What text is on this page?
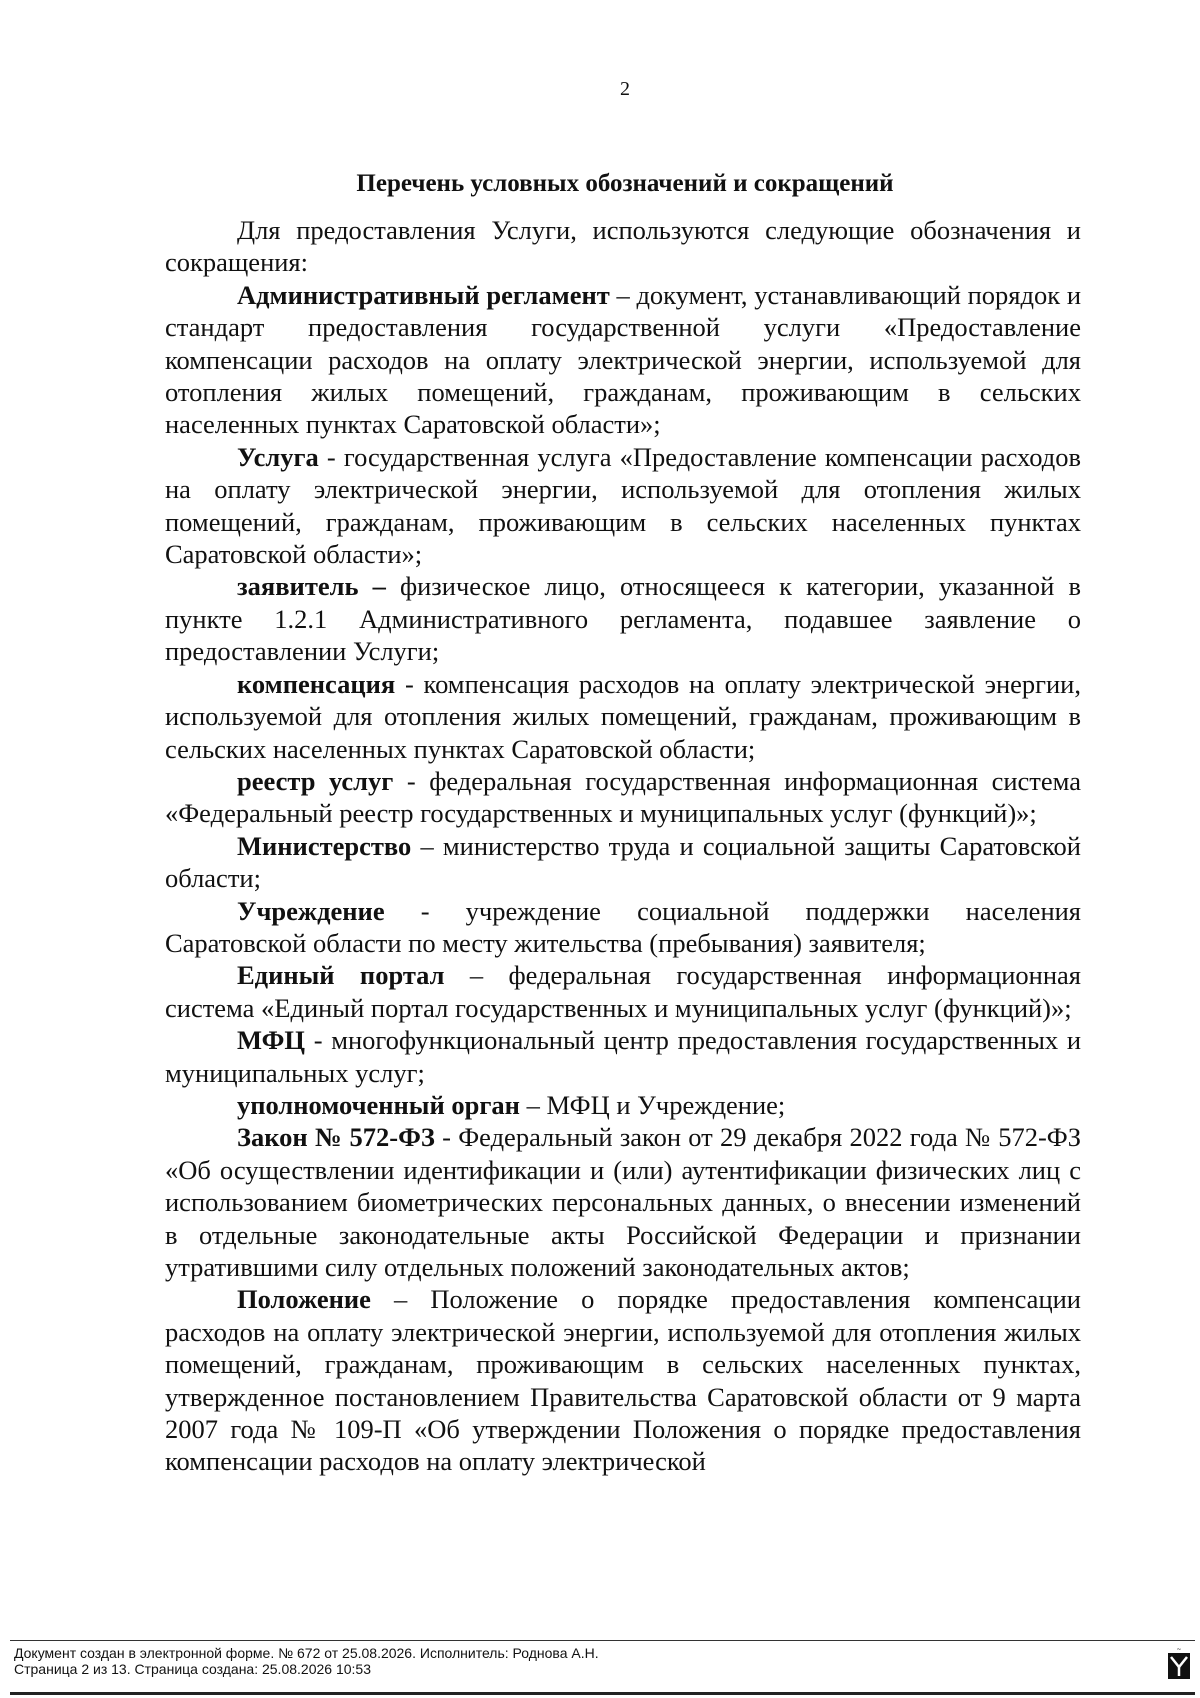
2
Перечень условных обозначений и сокращений

Для предоставления Услуги, используются следующие обозначения и сокращения:

Административный регламент – документ, устанавливающий порядок и стандарт предоставления государственной услуги «Предоставление компенсации расходов на оплату электрической энергии, используемой для отопления жилых помещений, гражданам, проживающим в сельских населенных пунктах Саратовской области»;

Услуга - государственная услуга «Предоставление компенсации расходов на оплату электрической энергии, используемой для отопления жилых помещений, гражданам, проживающим в сельских населенных пунктах Саратовской области»;

заявитель – физическое лицо, относящееся к категории, указанной в пункте 1.2.1 Административного регламента, подавшее заявление о предоставлении Услуги;

компенсация - компенсация расходов на оплату электрической энергии, используемой для отопления жилых помещений, гражданам, проживающим в сельских населенных пунктах Саратовской области;

реестр услуг - федеральная государственная информационная система «Федеральный реестр государственных и муниципальных услуг (функций)»;

Министерство – министерство труда и социальной защиты Саратовской области;

Учреждение - учреждение социальной поддержки населения Саратовской области по месту жительства (пребывания) заявителя;

Единый портал – федеральная государственная информационная система «Единый портал государственных и муниципальных услуг (функций)»;

МФЦ - многофункциональный центр предоставления государственных и муниципальных услуг;

уполномоченный орган – МФЦ и Учреждение;

Закон № 572-ФЗ - Федеральный закон от 29 декабря 2022 года № 572-ФЗ «Об осуществлении идентификации и (или) аутентификации физических лиц с использованием биометрических персональных данных, о внесении изменений в отдельные законодательные акты Российской Федерации и признании утратившими силу отдельных положений законодательных актов;

Положение – Положение о порядке предоставления компенсации расходов на оплату электрической энергии, используемой для отопления жилых помещений, гражданам, проживающим в сельских населенных пунктах, утвержденное постановлением Правительства Саратовской области от 9 марта 2007 года № 109-П «Об утверждении Положения о порядке предоставления компенсации расходов на оплату электрической

Документ создан в электронной форме. № 672 от 25.08.2026. Исполнитель: Роднова А.Н.
Страница 2 из 13. Страница создана: 25.08.2026 10:53
~
